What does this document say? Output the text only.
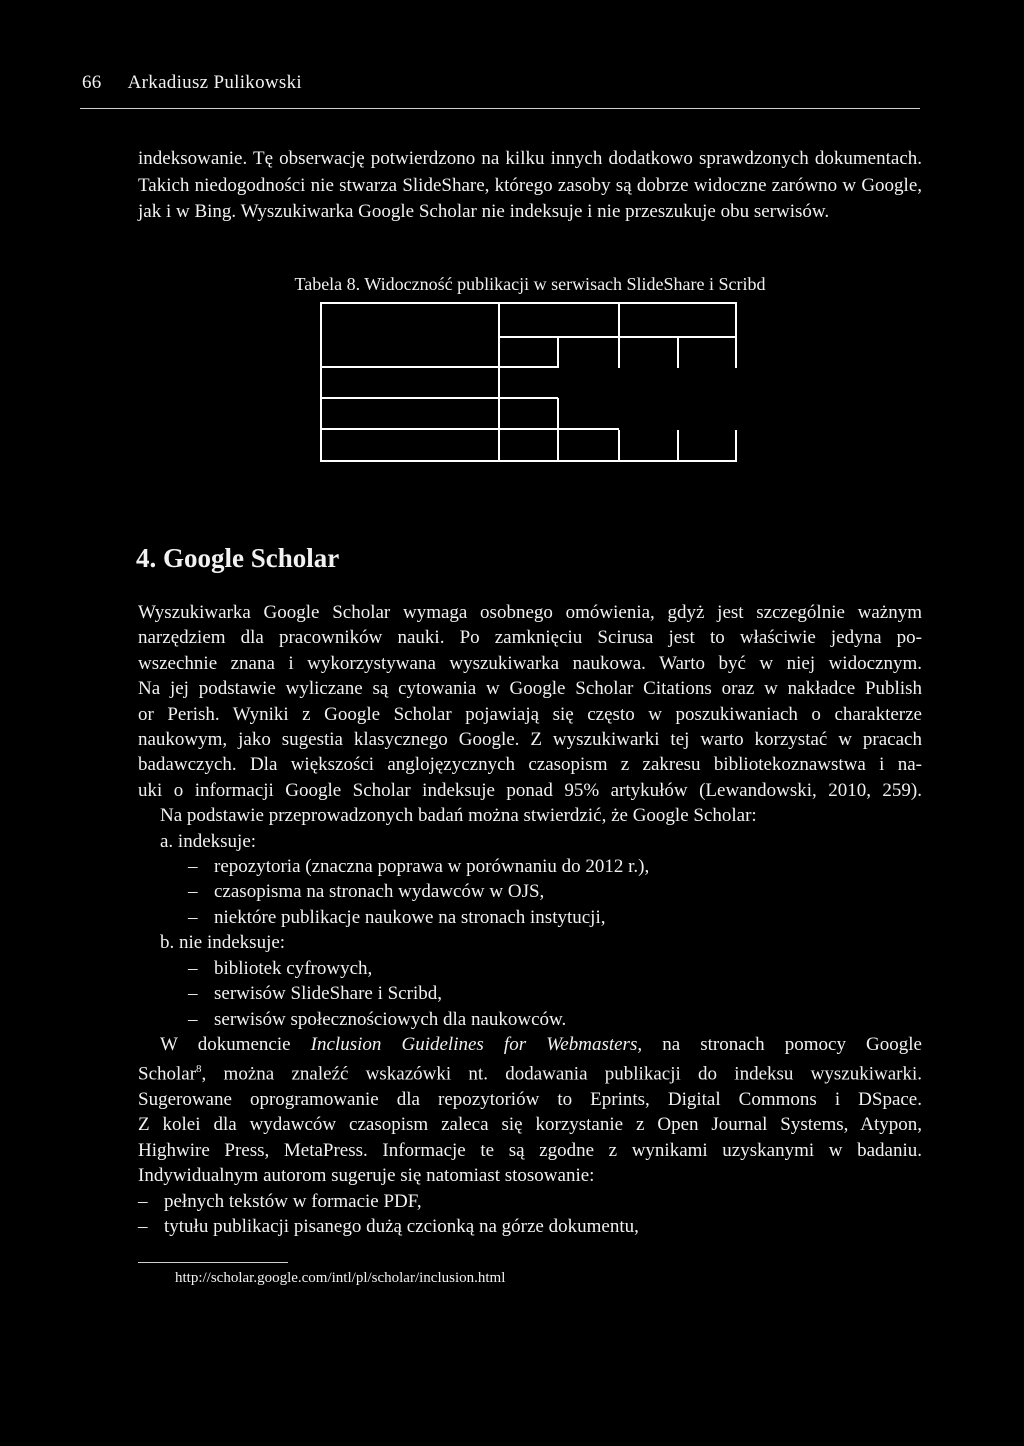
66 Arkadiusz Pulikowski
indeksowanie. Tę obserwację potwierdzono na kilku innych dodatkowo sprawdzonych dokumentach. Takich niedogodności nie stwarza SlideShare, którego zasoby są dobrze widoczne zarówno w Google, jak i w Bing. Wyszukiwarka Google Scholar nie indeksuje i nie przeszukuje obu serwisów.
Tabela 8. Widoczność publikacji w serwisach SlideShare i Scribd
4. Google Scholar

Wyszukiwarka Google Scholar wymaga osobnego omówienia, gdyż jest szczególnie ważnym

narzędziem dla pracowników nauki. Po zamknięciu Scirusa jest to właściwie jedyna po-

wszechnie znana i wykorzystywana wyszukiwarka naukowa. Warto być w niej widocznym.

Na jej podstawie wyliczane są cytowania w Google Scholar Citations oraz w nakładce Publish

or Perish. Wyniki z Google Scholar pojawiają się często w poszukiwaniach o charakterze

naukowym, jako sugestia klasycznego Google. Z wyszukiwarki tej warto korzystać w pracach

badawczych. Dla większości anglojęzycznych czasopism z zakresu bibliotekoznawstwa i na-

uki o informacji Google Scholar indeksuje ponad 95% artykułów (Lewandowski, 2010, 259).

Na podstawie przeprowadzonych badań można stwierdzić, że Google Scholar:

a. indeksuje:

– repozytoria (znaczna poprawa w porównaniu do 2012 r.),

– czasopisma na stronach wydawców w OJS,

– niektóre publikacje naukowe na stronach instytucji,

b. nie indeksuje:

– bibliotek cyfrowych,

– serwisów SlideShare i Scribd,

– serwisów społecznościowych dla naukowców.

W dokumencie Inclusion Guidelines for Webmasters, na stronach pomocy Google

Scholar$^8$, można znaleźć wskazówki nt. dodawania publikacji do indeksu wyszukiwarki.

Sugerowane oprogramowanie dla repozytoriów to Eprints, Digital Commons i DSpace.

Z kolei dla wydawców czasopism zaleca się korzystanie z Open Journal Systems, Atypon,

Highwire Press, MetaPress. Informacje te są zgodne z wynikami uzyskanymi w badaniu.

Indywidualnym autorom sugeruje się natomiast stosowanie:

– pełnych tekstów w formacie PDF,

– tytułu publikacji pisanego dużą czcionką na górze dokumentu,

http://scholar.google.com/intl/pl/scholar/inclusion.html
